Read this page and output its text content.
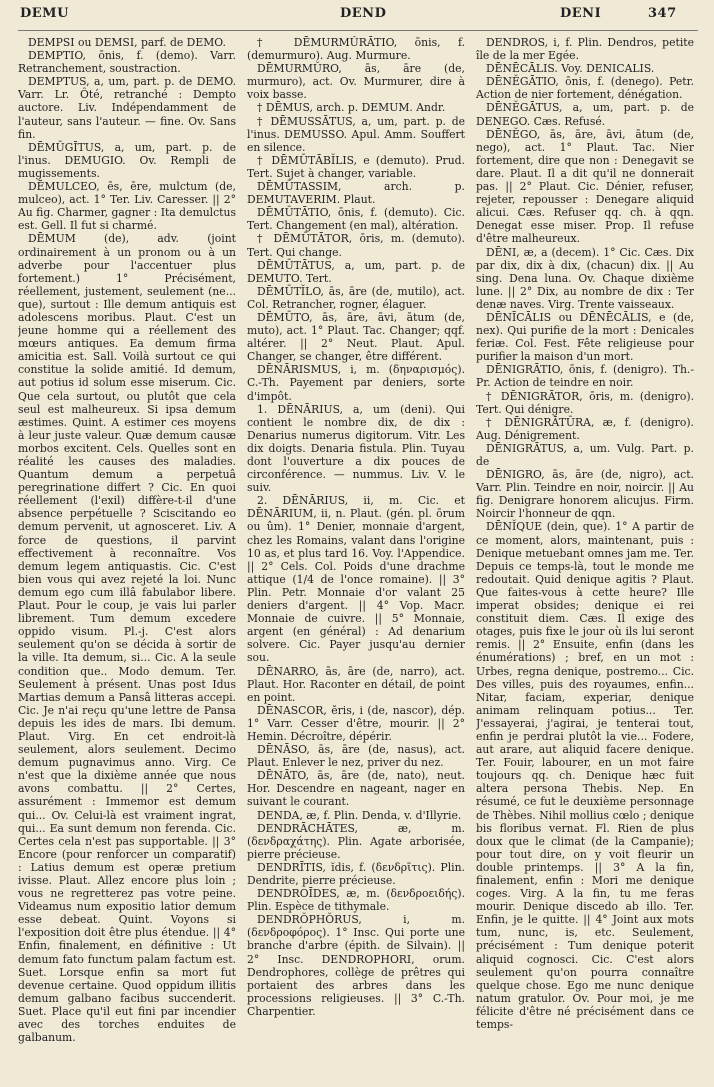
DEMU	DEND	DENI	347

DEMPSI ou DEMSI, parf. de DEMO.

DEMPTIO, ōnis, f. (demo). Varr. Retranchement, soustraction.

DEMPTUS, a, um, part. p. de DEMO. Varr. Lr. Ôté, retranché : Dempto auctore. Liv. Indépendamment de l'auteur, sans l'auteur. — fine. Ov. Sans fin.

DĒMŪGĪTUS, a, um, part. p. de l'inus. DEMUGIO. Ov. Rempli de mugissements.

DĒMULCEO, ēs, ēre, mulctum (de, mulceo), act. 1° Ter. Liv. Caresser. || 2° Au fig. Charmer, gagner : Ita demulctus est. Gell. Il fut si charmé.

DĒMUM (de), adv. (joint ordinairement à un pronom ou à un adverbe pour l'accentuer plus fortement.) 1° Précisément, réellement, justement, seulement (ne... que), surtout : Ille demum antiquis est adolescens moribus. Plaut. C'est un jeune homme qui a réellement des mœurs antiques. Ea demum firma amicitia est. Sall. Voilà surtout ce qui constitue la solide amitié. Id demum, aut potius id solum esse miserum. Cic. Que cela surtout, ou plutôt que cela seul est malheureux. Si ipsa demum æstimes. Quint. A estimer ces moyens à leur juste valeur. Quæ demum causæ morbos excitent. Cels. Quelles sont en réalité les causes des maladies. Quantum demum a perpetuâ peregrinatione differt ? Cic. En quoi réellement (l'exil) diffère-t-il d'une absence perpétuelle ? Sciscitando eo demum pervenit, ut agnosceret. Liv. A force de questions, il parvint effectivement à reconnaître. Vos demum legem antiquastis. Cic. C'est bien vous qui avez rejeté la loi. Nunc demum ego cum illâ fabulabor libere. Plaut. Pour le coup, je vais lui parler librement. Tum demum excedere oppido visum. Pl.-j. C'est alors seulement qu'on se décida à sortir de la ville. Ita demum, si... Cic. A la seule condition que.. Modo demum. Ter. Seulement à présent. Unas post Idus Martias demum a Pansâ litteras accepi. Cic. Je n'ai reçu qu'une lettre de Pansa depuis les ides de mars. Ibi demum. Plaut. Virg. En cet endroit-là seulement, alors seulement. Decimo demum pugnavimus anno. Virg. Ce n'est que la dixième année que nous avons combattu. || 2° Certes, assurément : Immemor est demum qui... Ov. Celui-là est vraiment ingrat, qui... Ea sunt demum non ferenda. Cic. Certes cela n'est pas supportable. || 3° Encore (pour renforcer un comparatif) : Latius demum est operæ pretium ivisse. Plaut. Allez encore plus loin ; vous ne regretterez pas votre peine. Videamus num expositio latior demum esse debeat. Quint. Voyons si l'exposition doit être plus étendue. || 4° Enfin, finalement, en définitive : Ut demum fato functum palam factum est. Suet. Lorsque enfin sa mort fut devenue certaine. Quod oppidum illitis demum galbano facibus succenderit. Suet. Place qu'il eut fini par incendier avec des torches enduites de galbanum.

† DĒMURMŬRĀTIO, ōnis, f. (demurmuro). Aug. Murmure.

DĒMURMŬRO, ās, āre (de, murmuro), act. Ov. Murmurer, dire à voix basse.

† DĒMUS, arch. p. DEMUM. Andr.

† DĒMUSSĀTUS, a, um, part. p. de l'inus. DEMUSSO. Apul. Amm. Souffert en silence.

† DĒMŪTĀBĬLIS, e (demuto). Prud. Tert. Sujet à changer, variable.

DĒMŪTASSIM, arch. p. DEMUTAVERIM. Plaut.

DĒMŪTĀTIO, ōnis, f. (demuto). Cic. Tert. Changement (en mal), altération.

† DĒMŪTĀTOR, ōris, m. (demuto). Tert. Qui change.

DĒMŪTĀTUS, a, um, part. p. de DEMUTO. Tert.

DĒMŪTĬLO, ās, āre (de, mutilo), act. Col. Retrancher, rogner, élaguer.

DĒMŪTO, ās, āre, āvi, ātum (de, muto), act. 1° Plaut. Tac. Changer; qqf. altérer. || 2° Neut. Plaut. Apul. Changer, se changer, être différent.

DĒNĀRISMUS, i, m. (δηναρισμός). C.-Th. Payement par deniers, sorte d'impôt.

1. DĒNĀRIUS, a, um (deni). Qui contient le nombre dix, de dix : Denarius numerus digitorum. Vitr. Les dix doigts. Denaria fistula. Plin. Tuyau dont l'ouverture a dix pouces de circonférence. — nummus. Liv. V. le suiv.

2. DĒNĀRIUS, ii, m. Cic. et DĒNĀRIUM, ii, n. Plaut. (gén. pl. ōrum ou ûm). 1° Denier, monnaie d'argent, chez les Romains, valant dans l'origine 10 as, et plus tard 16. Voy. l'Appendice. || 2° Cels. Col. Poids d'une drachme attique (1/4 de l'once romaine). || 3° Plin. Petr. Monnaie d'or valant 25 deniers d'argent. || 4° Vop. Macr. Monnaie de cuivre. || 5° Monnaie, argent (en général) : Ad denarium solvere. Cic. Payer jusqu'au dernier sou.

DĒNARRO, ās, āre (de, narro), act. Plaut. Hor. Raconter en détail, de point en point.

DĒNASCOR, ĕris, i (de, nascor), dép. 1° Varr. Cesser d'être, mourir. || 2° Hemin. Décroître, dépérir.

DĒNĀSO, ās, āre (de, nasus), act. Plaut. Enlever le nez, priver du nez.

DĒNĀTO, ās, āre (de, nato), neut. Hor. Descendre en nageant, nager en suivant le courant.

DENDA, æ, f. Plin. Denda, v. d'Illyrie.

DENDRĀCHĀTES, æ, m. (δενδραχάτης). Plin. Agate arborisée, pierre précieuse.

DENDRĪTIS, ĭdis, f. (δενδρῖτις). Plin. Dendrite, pierre précieuse.

DENDROĪDES, æ, m. (δενδροειδής). Plin. Espèce de tithymale.

DENDRŎPHŎRUS, i, m. (δενδροφόρος). 1° Insc. Qui porte une branche d'arbre (épith. de Silvain). || 2° Insc. DENDROPHORI, orum. Dendrophores, collège de prêtres qui portaient des arbres dans les processions religieuses. || 3° C.-Th. Charpentier.

DENDROS, i, f. Plin. Dendros, petite île de la mer Egée.

DĒNĒCĀLIS. Voy. DENICALIS.

DĒNĔGĀTIO, ōnis, f. (denego). Petr. Action de nier fortement, dénégation.

DĒNĔGĀTUS, a, um, part. p. de DENEGO. Cæs. Refusé.

DĒNĔGO, ās, āre, āvi, ātum (de, nego), act. 1° Plaut. Tac. Nier fortement, dire que non : Denegavit se dare. Plaut. Il a dit qu'il ne donnerait pas. || 2° Plaut. Cic. Dénier, refuser, rejeter, repousser : Denegare aliquid alicui. Cæs. Refuser qq. ch. à qqn. Denegat esse miser. Prop. Il refuse d'être malheureux.

DĒNI, æ, a (decem). 1° Cic. Cæs. Dix par dix, dix à dix, (chacun) dix. || Au sing. Dena luna. Ov. Chaque dixième lune. || 2° Dix, au nombre de dix : Ter denæ naves. Virg. Trente vaisseaux.

DĒNĪCĀLIS ou DĒNĒCĀLIS, e (de, nex). Qui purifie de la mort : Denicales feriæ. Col. Fest. Fête religieuse pour purifier la maison d'un mort.

DĒNIGRĀTIO, ōnis, f. (denigro). Th.-Pr. Action de teindre en noir.

† DĒNIGRĀTOR, ōris, m. (denigro). Tert. Qui dénigre.

† DĒNIGRĀTŪRA, æ, f. (denigro). Aug. Dénigrement.

DĒNIGRĀTUS, a, um. Vulg. Part. p. de

DĒNIGRO, ās, āre (de, nigro), act. Varr. Plin. Teindre en noir, noircir. || Au fig. Denigrare honorem alicujus. Firm. Noircir l'honneur de qqn.

DĒNĬQUE (dein, que). 1° A partir de ce moment, alors, maintenant, puis : Denique metuebant omnes jam me. Ter. Depuis ce temps-là, tout le monde me redoutait. Quid denique agitis ? Plaut. Que faites-vous à cette heure? Ille imperat obsides; denique ei rei constituit diem. Cæs. Il exige des otages, puis fixe le jour où ils lui seront remis. || 2° Ensuite, enfin (dans les énumérations) ; bref, en un mot : Urbes, regna denique, postremo... Cic. Des villes, puis des royaumes, enfin... Nitar, faciam, experiar, denique animam relinquam potius... Ter. J'essayerai, j'agirai, je tenterai tout, enfin je perdrai plutôt la vie... Fodere, aut arare, aut aliquid facere denique. Ter. Fouir, labourer, en un mot faire toujours qq. ch. Denique hæc fuit altera persona Thebis. Nep. En résumé, ce fut le deuxième personnage de Thèbes. Nihil mollius cœlo ; denique bis floribus vernat. Fl. Rien de plus doux que le climat (de la Campanie); pour tout dire, on y voit fleurir un double printemps. || 3° A la fin, finalement, enfin : Mori me denique coges. Virg. A la fin, tu me feras mourir. Denique discedo ab illo. Ter. Enfin, je le quitte. || 4° Joint aux mots tum, nunc, is, etc. Seulement, précisément : Tum denique poterit aliquid cognosci. Cic. C'est alors seulement qu'on pourra connaître quelque chose. Ego me nunc denique natum gratulor. Ov. Pour moi, je me félicite d'être né précisément dans ce temps-
